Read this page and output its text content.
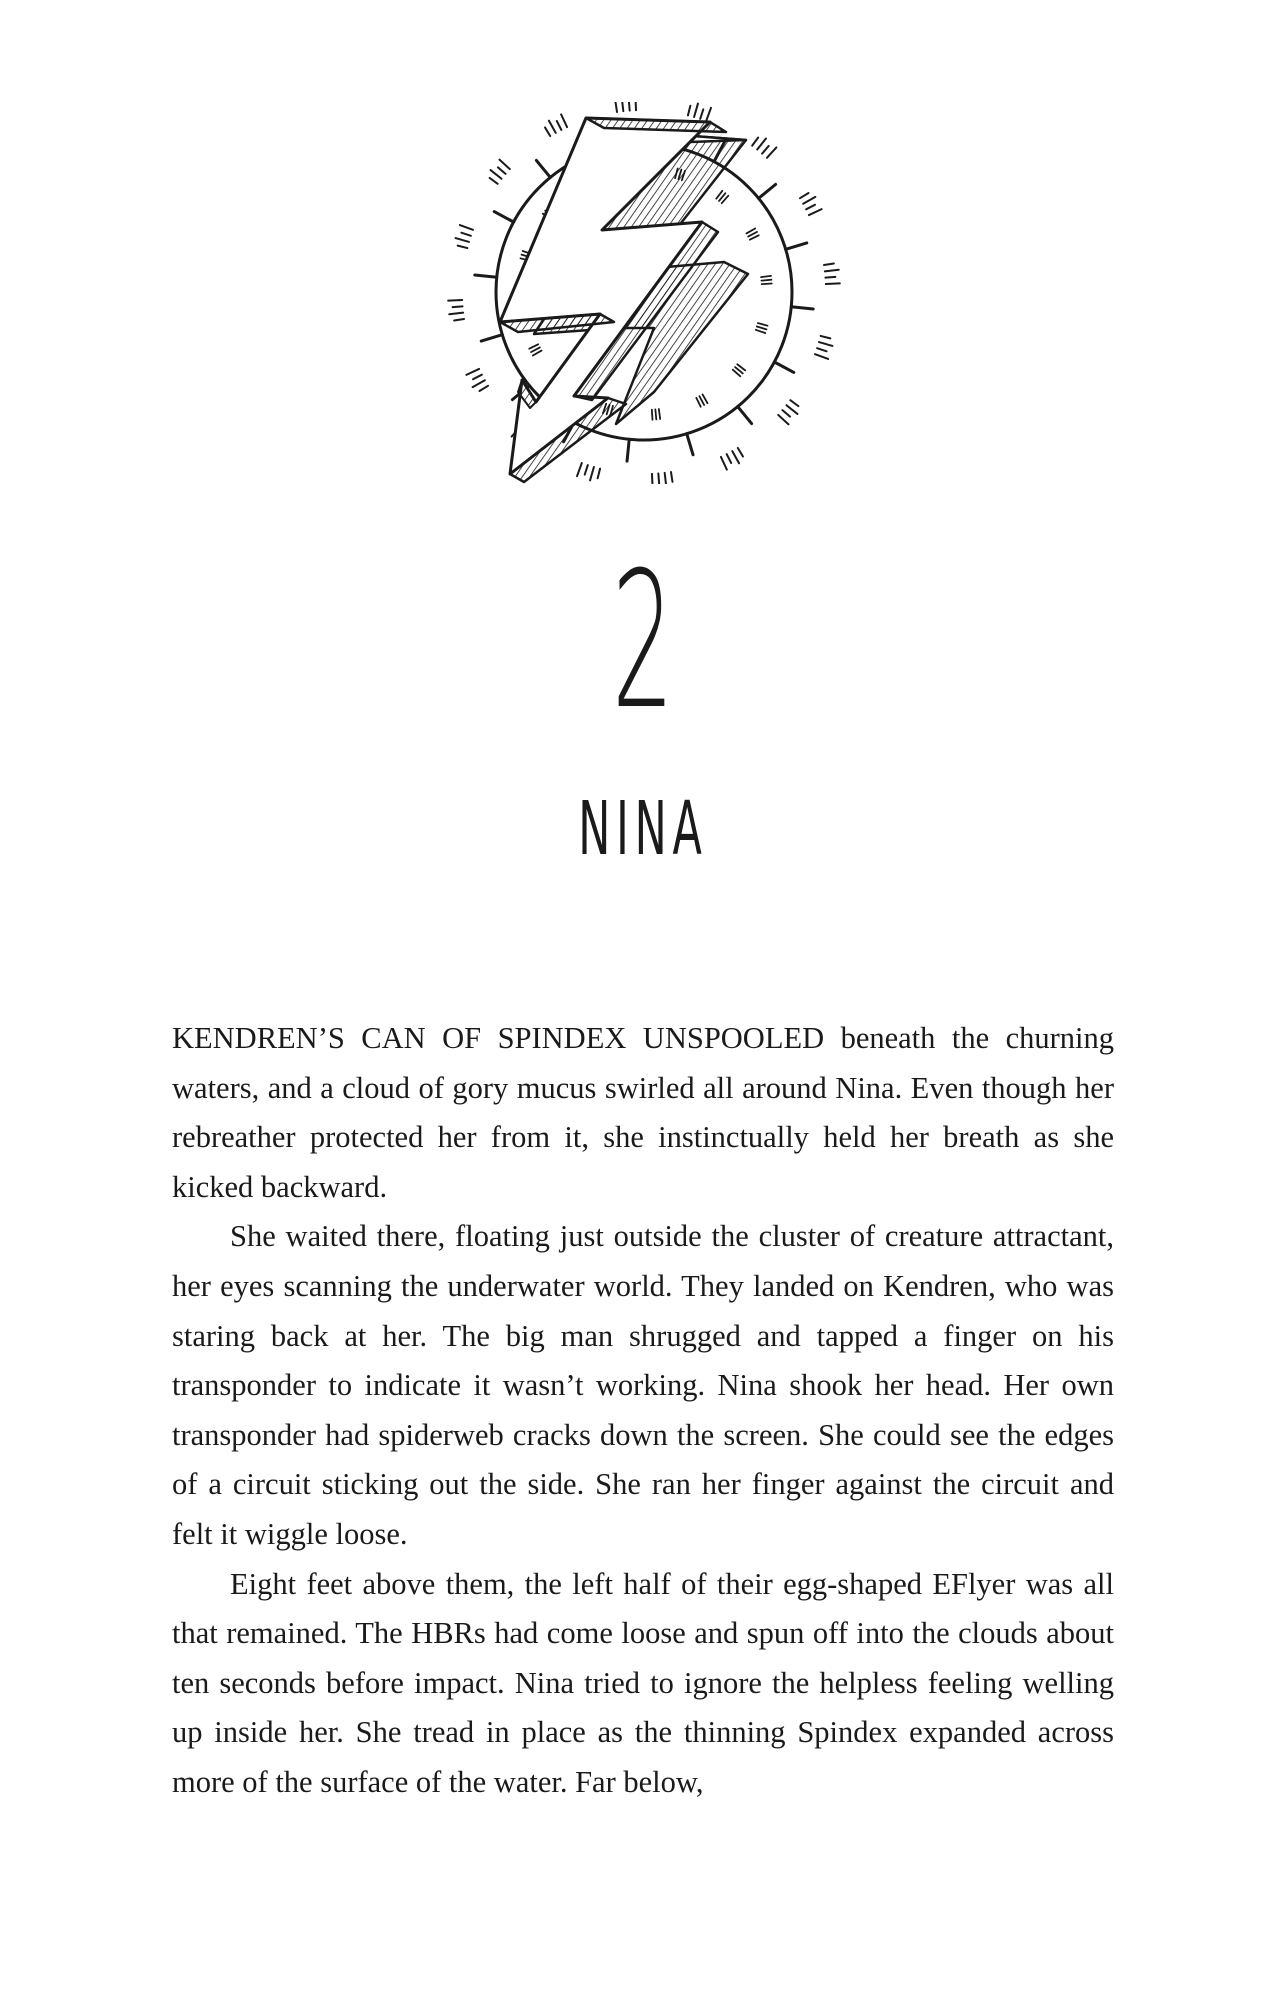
2
NINA

KENDREN’S CAN OF SPINDEX UNSPOOLED beneath the churning waters, and a cloud of gory mucus swirled all around Nina. Even though her rebreather protected her from it, she instinctually held her breath as she kicked backward.

She waited there, floating just outside the cluster of creature attractant, her eyes scanning the underwater world. They landed on Kendren, who was staring back at her. The big man shrugged and tapped a finger on his transponder to indicate it wasn’t working. Nina shook her head. Her own transponder had spiderweb cracks down the screen. She could see the edges of a circuit sticking out the side. She ran her finger against the circuit and felt it wiggle loose.

Eight feet above them, the left half of their egg-shaped EFlyer was all that remained. The HBRs had come loose and spun off into the clouds about ten seconds before impact. Nina tried to ignore the helpless feeling welling up inside her. She tread in place as the thinning Spindex expanded across more of the surface of the water. Far below,
